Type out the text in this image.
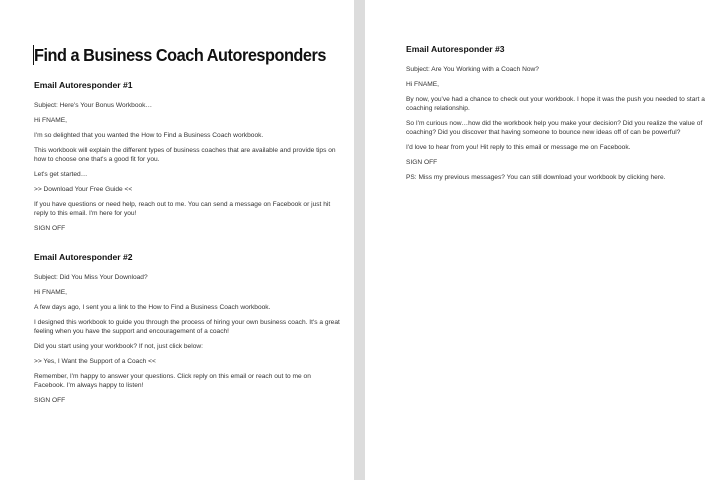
Find a Business Coach Autoresponders
Email Autoresponder #1

Subject: Here's Your Bonus Workbook…

Hi FNAME,

I'm so delighted that you wanted the How to Find a Business Coach workbook.

This workbook will explain the different types of business coaches that are available and provide tips on how to choose one that's a good fit for you.

Let's get started…

>> Download Your Free Guide <<

If you have questions or need help, reach out to me. You can send a message on Facebook or just hit reply to this email. I'm here for you!

SIGN OFF

Email Autoresponder #2

Subject: Did You Miss Your Download?

Hi FNAME,

A few days ago, I sent you a link to the How to Find a Business Coach workbook.

I designed this workbook to guide you through the process of hiring your own business coach. It's a great feeling when you have the support and encouragement of a coach!

Did you start using your workbook? If not, just click below:

>> Yes, I Want the Support of a Coach <<

Remember, I'm happy to answer your questions. Click reply on this email or reach out to me on Facebook. I'm always happy to listen!

SIGN OFF

Email Autoresponder #3

Subject: Are You Working with a Coach Now?

Hi FNAME,

By now, you've had a chance to check out your workbook. I hope it was the push you needed to start a coaching relationship.

So I'm curious now…how did the workbook help you make your decision? Did you realize the value of coaching? Did you discover that having someone to bounce new ideas off of can be powerful?

I'd love to hear from you! Hit reply to this email or message me on Facebook.

SIGN OFF

PS: Miss my previous messages? You can still download your workbook by clicking here.
